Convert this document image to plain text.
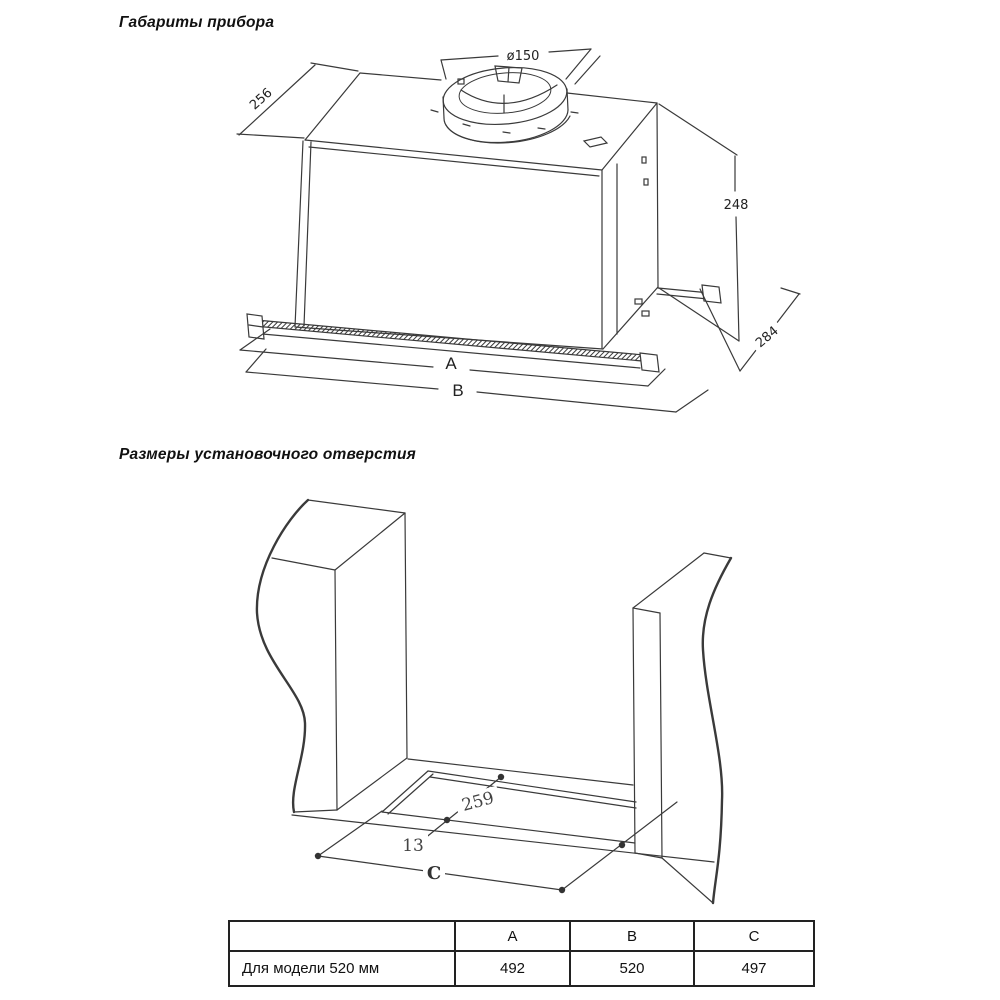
Габариты прибора
Размеры установочного отверстия
ø150
256
248
284
A
B
259
13
C
	A	B	C
Для модели 520 мм	492	520	497
